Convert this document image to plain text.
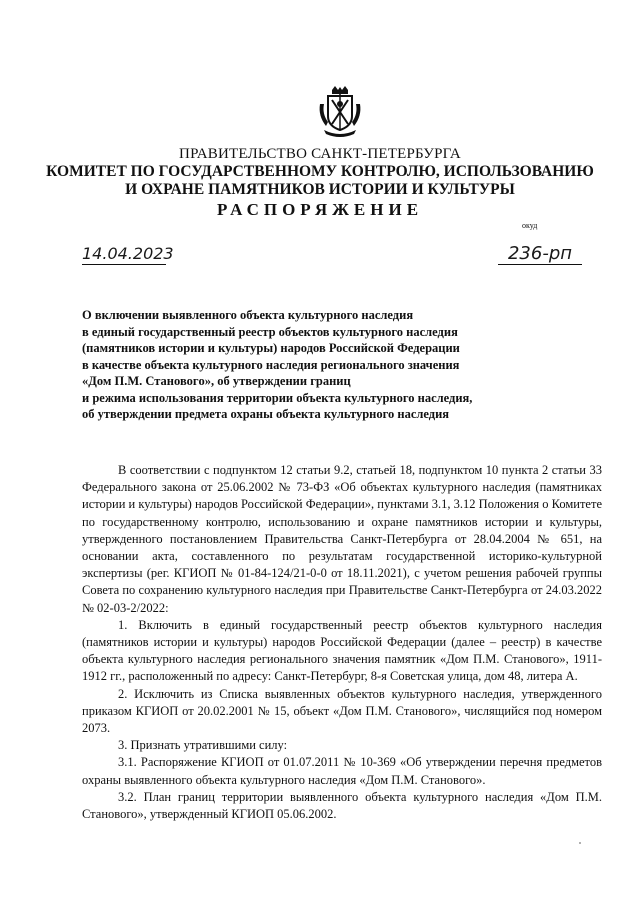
ПРАВИТЕЛЬСТВО САНКТ-ПЕТЕРБУРГА
КОМИТЕТ ПО ГОСУДАРСТВЕННОМУ КОНТРОЛЮ, ИСПОЛЬЗОВАНИЮ
И ОХРАНЕ ПАМЯТНИКОВ ИСТОРИИ И КУЛЬТУРЫ
РАСПОРЯЖЕНИЕ
окуд
14.04.2023	236-рп
О включении выявленного объекта культурного наследия
в единый государственный реестр объектов культурного наследия
(памятников истории и культуры) народов Российской Федерации
в качестве объекта культурного наследия регионального значения
«Дом П.М. Становогo», об утверждении границ
и режима использования территории объекта культурного наследия,
об утверждении предмета охраны объекта культурного наследия

В соответствии с подпунктом 12 статьи 9.2, статьей 18, подпунктом 10 пункта 2 статьи 33 Федерального закона от 25.06.2002 № 73-ФЗ «Об объектах культурного наследия (памятниках истории и культуры) народов Российской Федерации», пунктами 3.1, 3.12 Положения о Комитете по государственному контролю, использованию и охране памятников истории и культуры, утвержденного постановлением Правительства Санкт-Петербурга от 28.04.2004 № 651, на основании акта, составленного по результатам государственной историко-культурной экспертизы (рег. КГИОП № 01-84-124/21-0-0 от 18.11.2021), с учетом решения рабочей группы Совета по сохранению культурного наследия при Правительстве Санкт-Петербурга от 24.03.2022 № 02-03-2/2022:

1. Включить в единый государственный реестр объектов культурного наследия (памятников истории и культуры) народов Российской Федерации (далее – реестр) в качестве объекта культурного наследия регионального значения памятник «Дом П.М. Станового», 1911-1912 гг., расположенный по адресу: Санкт-Петербург, 8-я Советская улица, дом 48, литера А.

2. Исключить из Списка выявленных объектов культурного наследия, утвержденного приказом КГИОП от 20.02.2001 № 15, объект «Дом П.М. Станового», числящийся под номером 2073.

3. Признать утратившими силу:

3.1. Распоряжение КГИОП от 01.07.2011 № 10-369 «Об утверждении перечня предметов охраны выявленного объекта культурного наследия «Дом П.М. Станового».

3.2. План границ территории выявленного объекта культурного наследия «Дом П.М. Станового», утвержденный КГИОП 05.06.2002.
